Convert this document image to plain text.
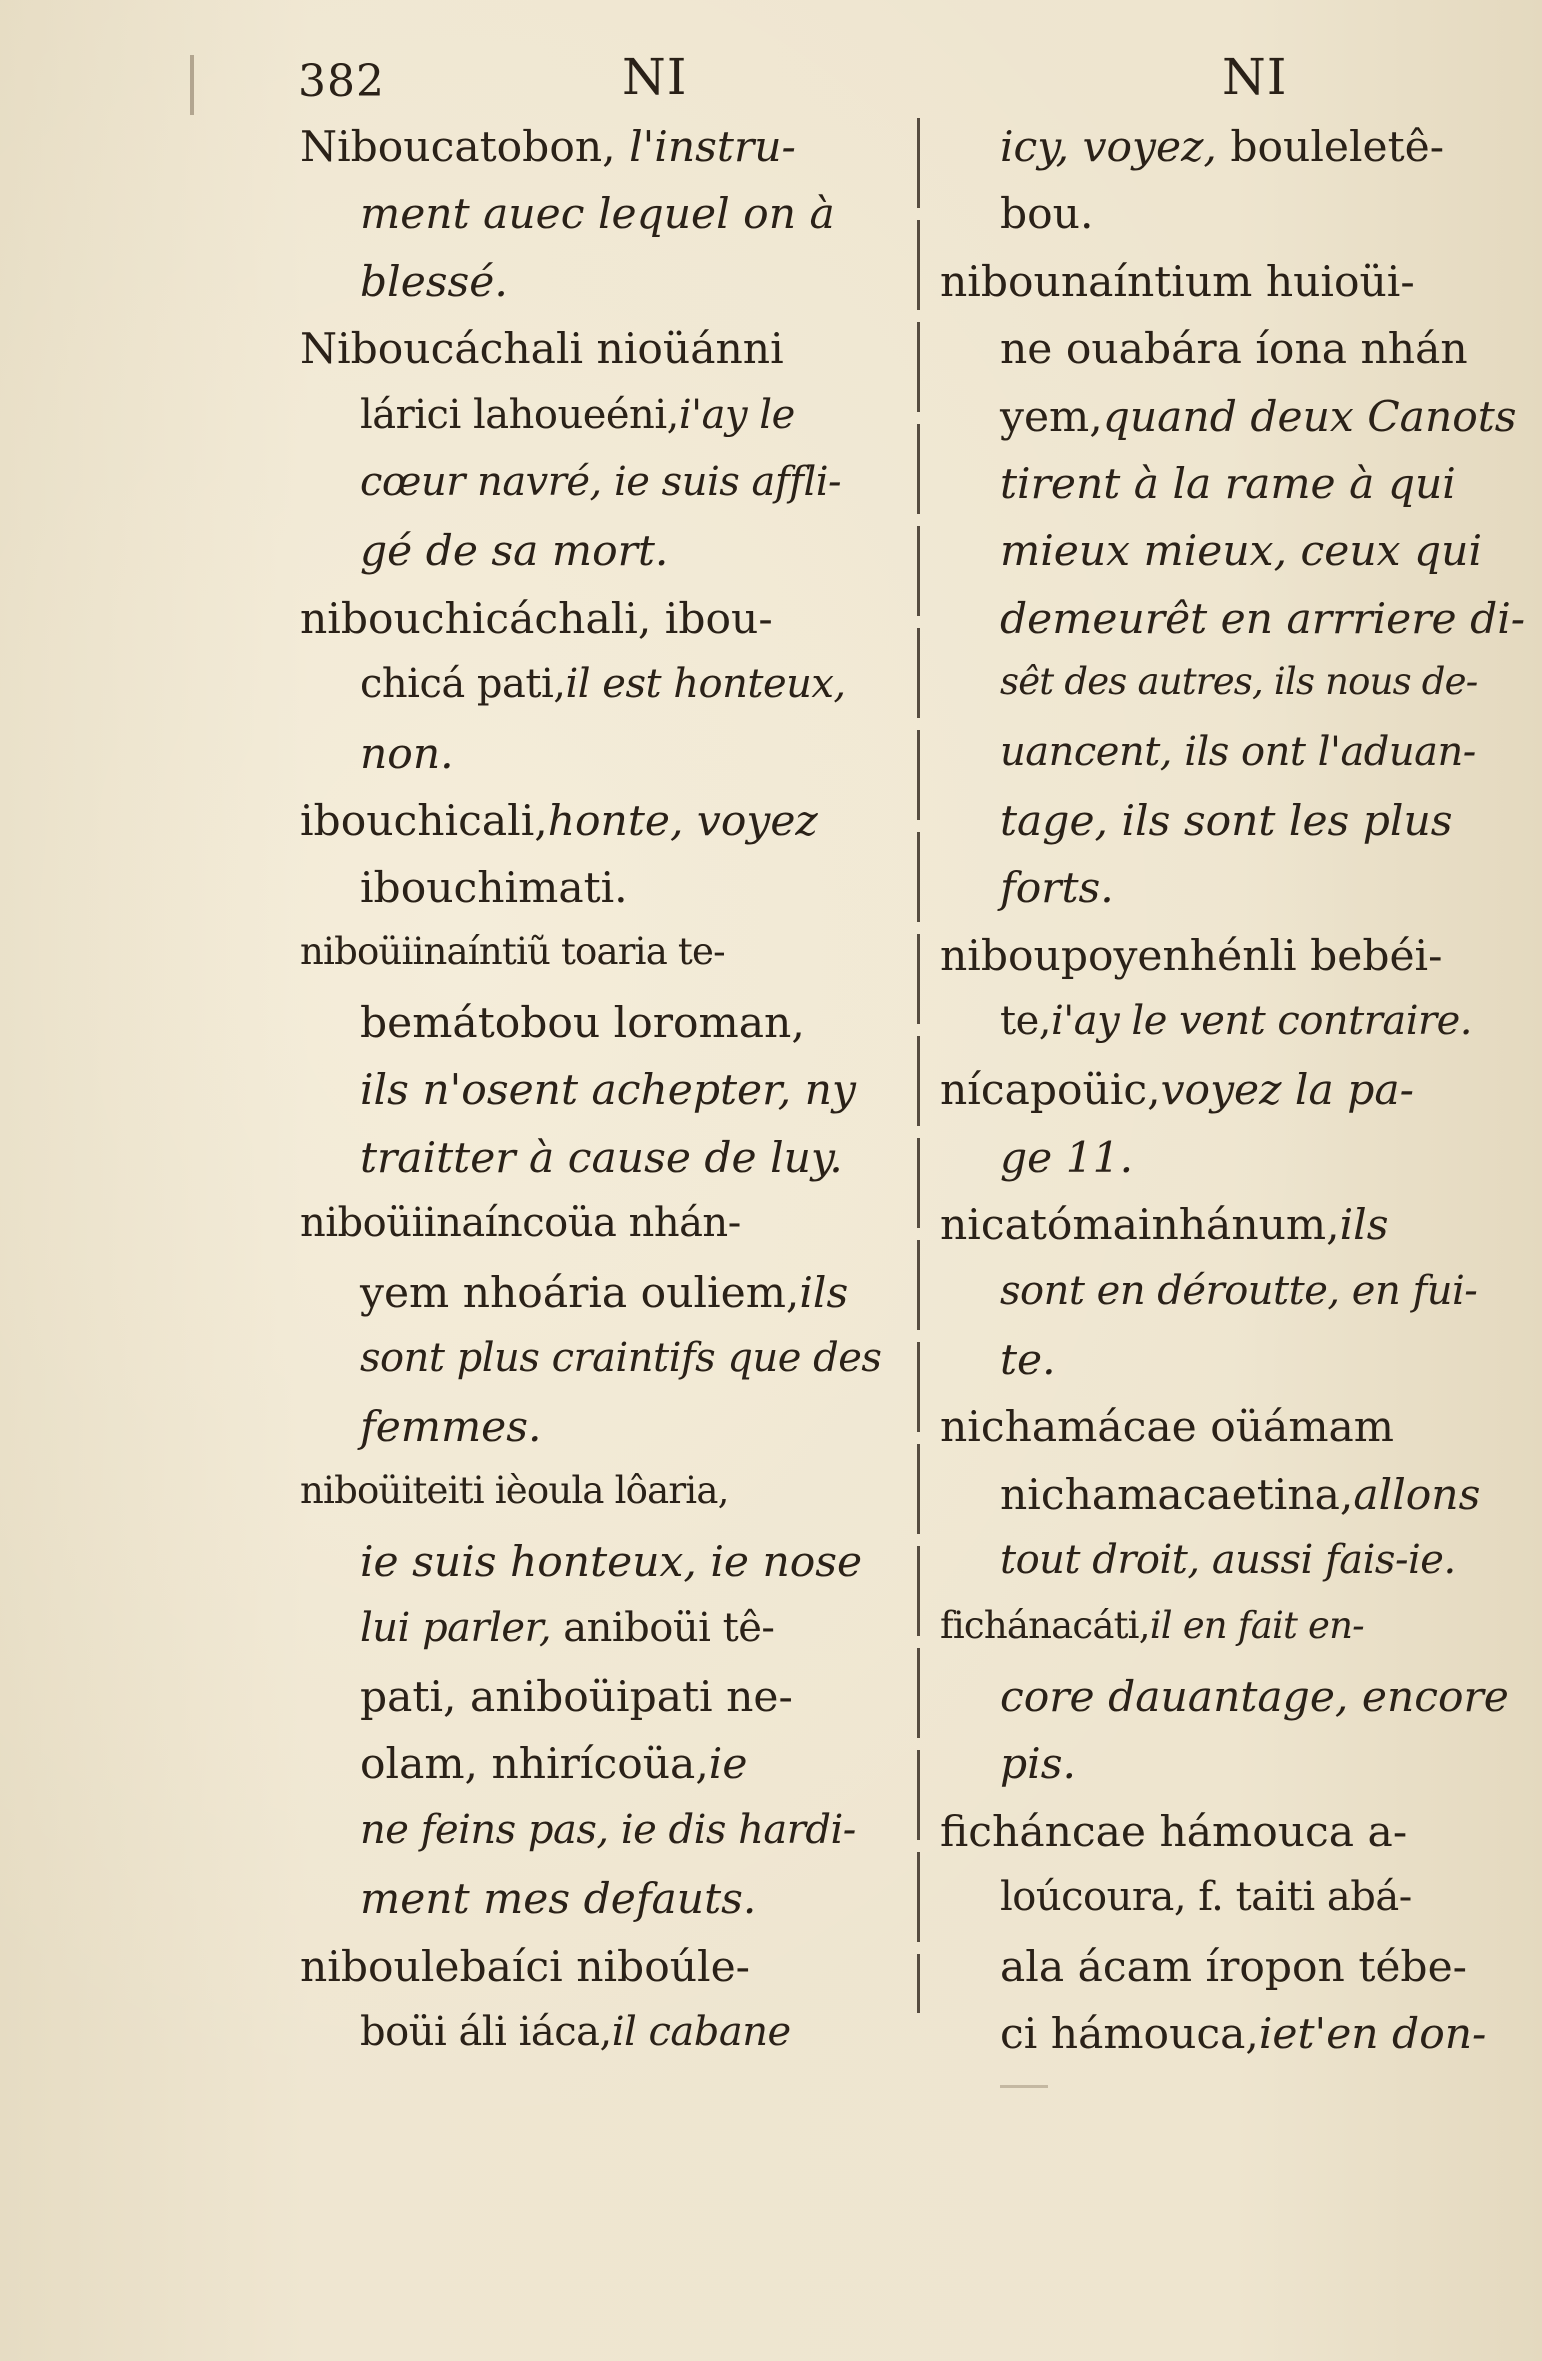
382	NI	NI
Niboucatobon, l'instru-
ment auec lequel on à
blessé.
Niboucáchali nioüánni
lárici lahoueéni,i'ay le
cœur navré, ie suis affli-
gé de sa mort.
nibouchicáchali, ibou-
chicá pati,il est honteux,
non.
ibouchicali,honte, voyez
ibouchimati.
niboüiinaíntiũ toaria te-
bemátobou loroman,
ils n'osent achepter, ny
traitter à cause de luy.
niboüiinaíncoüa nhán-
yem nhoária ouliem,ils
sont plus craintifs que des
femmes.
niboüiteiti ièoula lôaria,
ie suis honteux, ie nose
lui parler, aniboüi tê-
pati, aniboüipati ne-
olam, nhirícoüa,ie
ne feins pas, ie dis hardi-
ment mes defauts.
niboulebaíci niboúle-
boüi áli iáca,il cabane
icy, voyez, bouleletê-
bou.
nibounaíntium huioüi-
ne ouabára íona nhán
yem,quand deux Canots
tirent à la rame à qui
mieux mieux, ceux qui
demeurêt en arrriere di-
sêt des autres, ils nous de-
uancent, ils ont l'aduan-
tage, ils sont les plus
forts.
niboupoyenhénli bebéi-
te,i'ay le vent contraire.
nícapoüic,voyez la pa-
ge 11.
nicatómainhánum,ils
sont en déroutte, en fui-
te.
nichamácae oüámam
nichamacaetina,allons
tout droit, aussi fais-ie.
fichánacáti,il en fait en-
core dauantage, encore
pis.
ficháncae hámouca a-
loúcoura, f. taiti abá-
ala ácam íropon tébe-
ci hámouca,iet'en don-
